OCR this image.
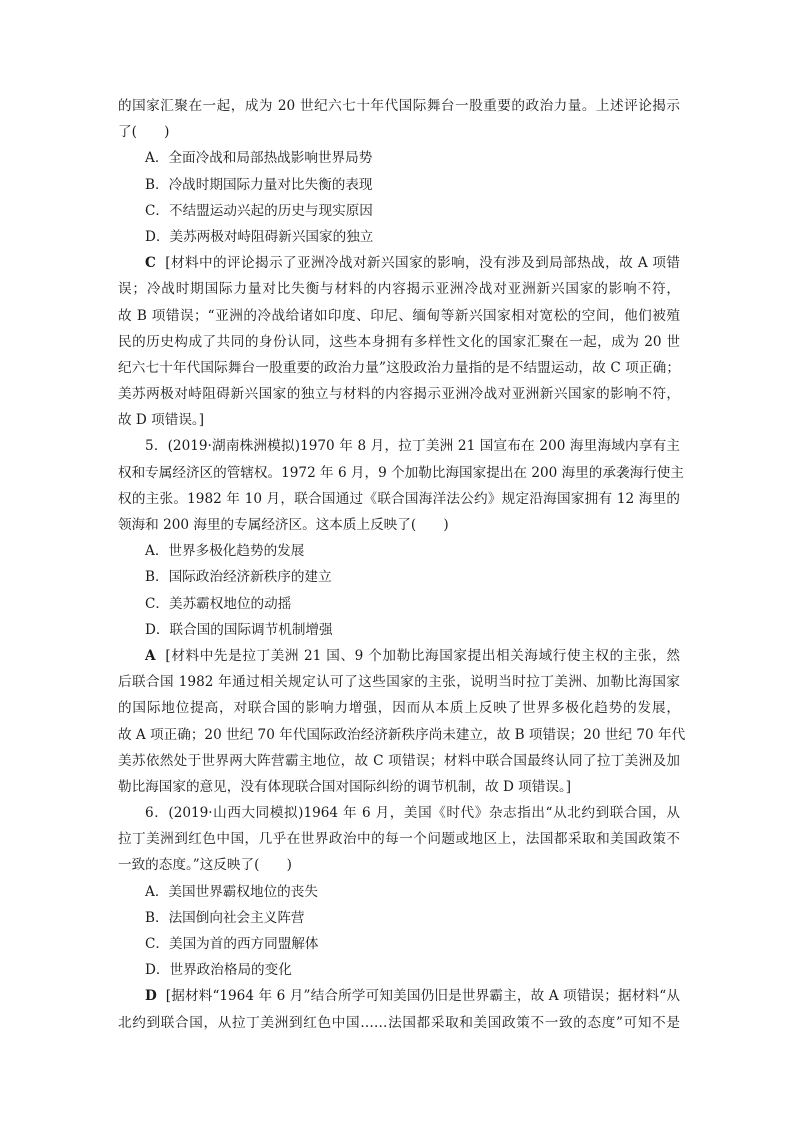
的国家汇聚在一起，成为 20 世纪六七十年代国际舞台一股重要的政治力量。上述评论揭示
了(　　)
A．全面冷战和局部热战影响世界局势
B．冷战时期国际力量对比失衡的表现
C．不结盟运动兴起的历史与现实原因
D．美苏两极对峙阻碍新兴国家的独立
C [材料中的评论揭示了亚洲冷战对新兴国家的影响，没有涉及到局部热战，故 A 项错
误；冷战时期国际力量对比失衡与材料的内容揭示亚洲冷战对亚洲新兴国家的影响不符，
故 B 项错误；“亚洲的冷战给诸如印度、印尼、缅甸等新兴国家相对宽松的空间，他们被殖
民的历史构成了共同的身份认同，这些本身拥有多样性文化的国家汇聚在一起，成为 20 世
纪六七十年代国际舞台一股重要的政治力量”这股政治力量指的是不结盟运动，故 C 项正确；
美苏两极对峙阻碍新兴国家的独立与材料的内容揭示亚洲冷战对亚洲新兴国家的影响不符，
故 D 项错误。]
5．(2019·湖南株洲模拟)1970 年 8 月，拉丁美洲 21 国宣布在 200 海里海域内享有主
权和专属经济区的管辖权。1972 年 6 月，9 个加勒比海国家提出在 200 海里的承袭海行使主
权的主张。1982 年 10 月，联合国通过《联合国海洋法公约》规定沿海国家拥有 12 海里的
领海和 200 海里的专属经济区。这本质上反映了(　　)
A．世界多极化趋势的发展
B．国际政治经济新秩序的建立
C．美苏霸权地位的动摇
D．联合国的国际调节机制增强
A [材料中先是拉丁美洲 21 国、9 个加勒比海国家提出相关海域行使主权的主张，然
后联合国 1982 年通过相关规定认可了这些国家的主张，说明当时拉丁美洲、加勒比海国家
的国际地位提高，对联合国的影响力增强，因而从本质上反映了世界多极化趋势的发展，
故 A 项正确；20 世纪 70 年代国际政治经济新秩序尚未建立，故 B 项错误；20 世纪 70 年代
美苏依然处于世界两大阵营霸主地位，故 C 项错误；材料中联合国最终认同了拉丁美洲及加
勒比海国家的意见，没有体现联合国对国际纠纷的调节机制，故 D 项错误。]
6．(2019·山西大同模拟)1964 年 6 月，美国《时代》杂志指出“从北约到联合国，从
拉丁美洲到红色中国，几乎在世界政治中的每一个问题或地区上，法国都采取和美国政策不
一致的态度。”这反映了(　　)
A．美国世界霸权地位的丧失
B．法国倒向社会主义阵营
C．美国为首的西方同盟解体
D．世界政治格局的变化
D [据材料“1964 年 6 月”结合所学可知美国仍旧是世界霸主，故 A 项错误；据材料“从
北约到联合国，从拉丁美洲到红色中国……法国都采取和美国政策不一致的态度”可知不是
